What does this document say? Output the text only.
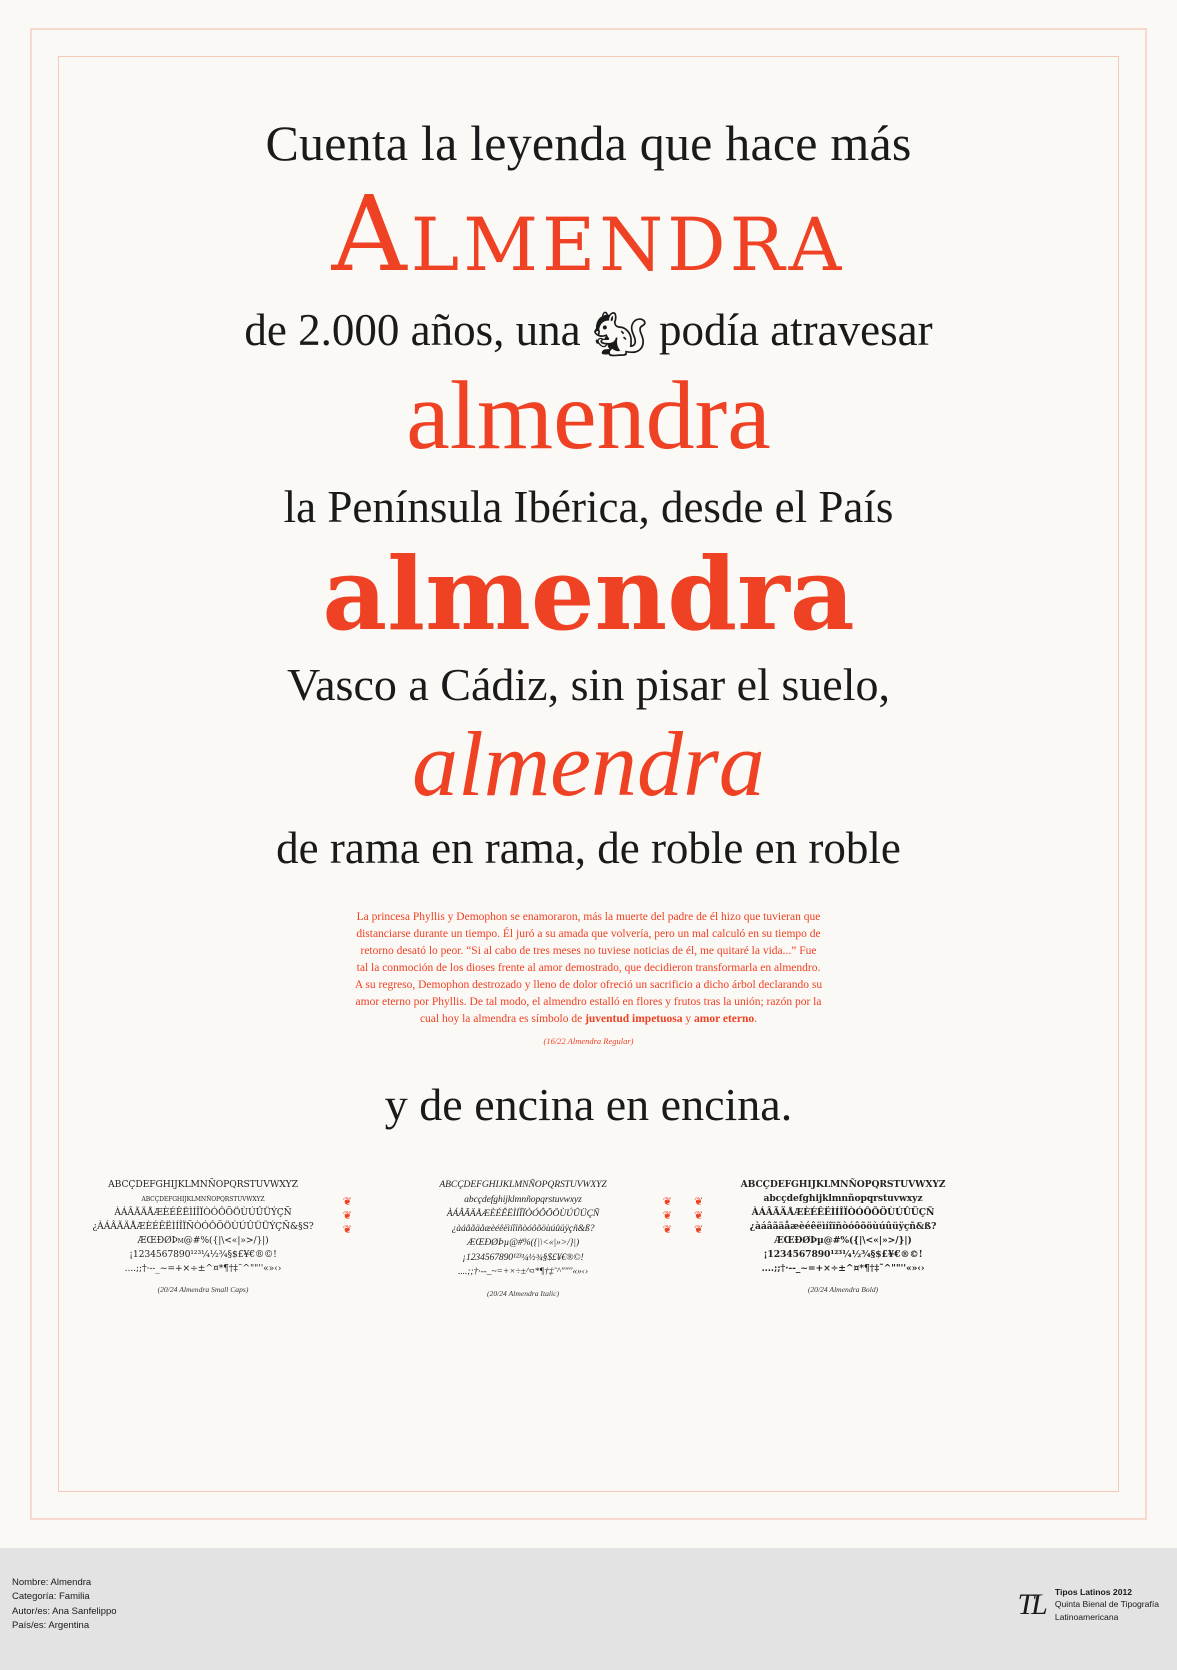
Cuenta la leyenda que hace más
Almendra
de 2.000 años, una 🐿 podía atravesar
almendra
la Península Ibérica, desde el País
almendra
Vasco a Cádiz, sin pisar el suelo,
almendra
de rama en rama, de roble en roble
La princesa Phyllis y Demophon se enamoraron, más la muerte del padre de él hizo que tuvieran que distanciarse durante un tiempo. Él juró a su amada que volvería, pero un mal calculó en su tiempo de retorno desató lo peor. “Si al cabo de tres meses no tuviese noticias de él, me quitaré la vida...” Fue tal la conmoción de los dioses frente al amor demostrado, que decidieron transformarla en almendro. A su regreso, Demophon destrozado y lleno de dolor ofreció un sacrificio a dicho árbol declarando su amor eterno por Phyllis. De tal modo, el almendro estalló en flores y frutos tras la unión; razón por la cual hoy la almendra es símbolo de juventud impetuosa y amor eterno.
(16/22 Almendra Regular)
y de encina en encina.
❦
❦
❦
ABCÇDEFGHIJKLMNÑOPQRSTUVWXYZ
abcçdefghijklmnñopqrstuvwxyz
ÀÁÂÃÄÅÆÈÉÊËÌÍÎÏÒÓÔÕÖÙÚÛÜÝÇÑ
¿ÀÁÂÃÄÅÆÈÉÊËÌÍÎÏÑÒÓÔÕÖÙÚÛÜÜÝÇÑ&§S?
ÆŒÐØÞµ@#%({|\<«|»>/}|)
¡1234567890¹²³¼½¾§$£¥€®©!
....;;†·--_~=+×÷±^¤*¶†‡˜^""''«»‹›
(20/24 Almendra Small Caps)
❦
❦
❦
ABCÇDEFGHIJKLMNÑOPQRSTUVWXYZ
abcçdefghijklmnñopqrstuvwxyz
ÀÁÂÃÄÅÆÈÉÊËÌÍÎÏÒÓÔÕÖÙÚÛÜÇÑ
¿àáâãäåæèéêëìíîïñòóôõöùúûüÿçñ&ß?
ÆŒÐØÞµ@#%({|\<«|»>/}|)
¡1234567890¹²³¼½¾§$£¥€®©!
....;;†·--_~=+×÷±^¤*¶†‡˜^""''«»‹›
(20/24 Almendra Italic)
❦
❦
❦
ABCÇDEFGHIJKLMNÑOPQRSTUVWXYZ
abcçdefghijklmnñopqrstuvwxyz
ÀÁÂÃÄÅÆÈÉÊËÌÍÎÏÒÓÔÕÖÙÚÛÜÇÑ
¿àáâãäåæèéêëìíîïñòóôõöùúûüÿçñ&ß?
ÆŒÐØÞµ@#%({|\<«|»>/}|)
¡1234567890¹²³¼½¾§$£¥€®©!
....;;†·--_~=+×÷±^¤*¶†‡˜^""''«»‹›
(20/24 Almendra Bold)
Nombre: Almendra
Categoría: Familia
Autor/es: Ana Sanfelippo
País/es: Argentina
TL Tipos Latinos 2012
Quinta Bienal de Tipografía
Latinoamericana
